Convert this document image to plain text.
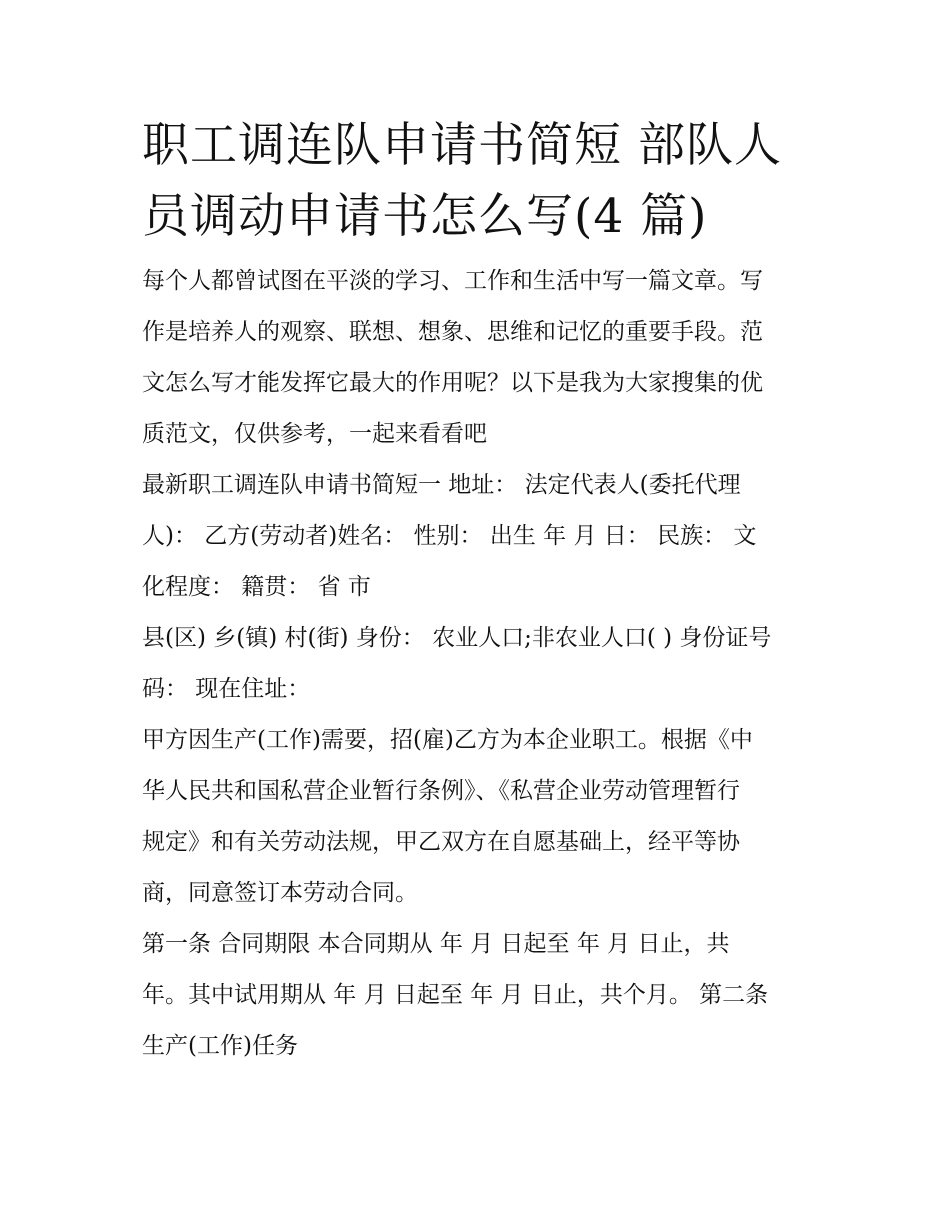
职工调连队申请书简短 部队人
员调动申请书怎么写(4 篇)

每个人都曾试图在平淡的学习、工作和生活中写一篇文章。写
作是培养人的观察、联想、想象、思维和记忆的重要手段。范
文怎么写才能发挥它最大的作用呢？以下是我为大家搜集的优
质范文，仅供参考，一起来看看吧

最新职工调连队申请书简短一 地址： 法定代表人(委托代理
人)： 乙方(劳动者)姓名： 性别： 出生 年 月 日： 民族： 文
化程度： 籍贯： 省 市

县(区) 乡(镇) 村(街) 身份： 农业人口;非农业人口( ) 身份证号
码： 现在住址：

甲方因生产(工作)需要，招(雇)乙方为本企业职工。根据《中
华人民共和国私营企业暂行条例》、《私营企业劳动管理暂行
规定》和有关劳动法规，甲乙双方在自愿基础上，经平等协
商，同意签订本劳动合同。

第一条 合同期限 本合同期从 年 月 日起至 年 月 日止，共
年。其中试用期从 年 月 日起至 年 月 日止，共个月。 第二条
生产(工作)任务
